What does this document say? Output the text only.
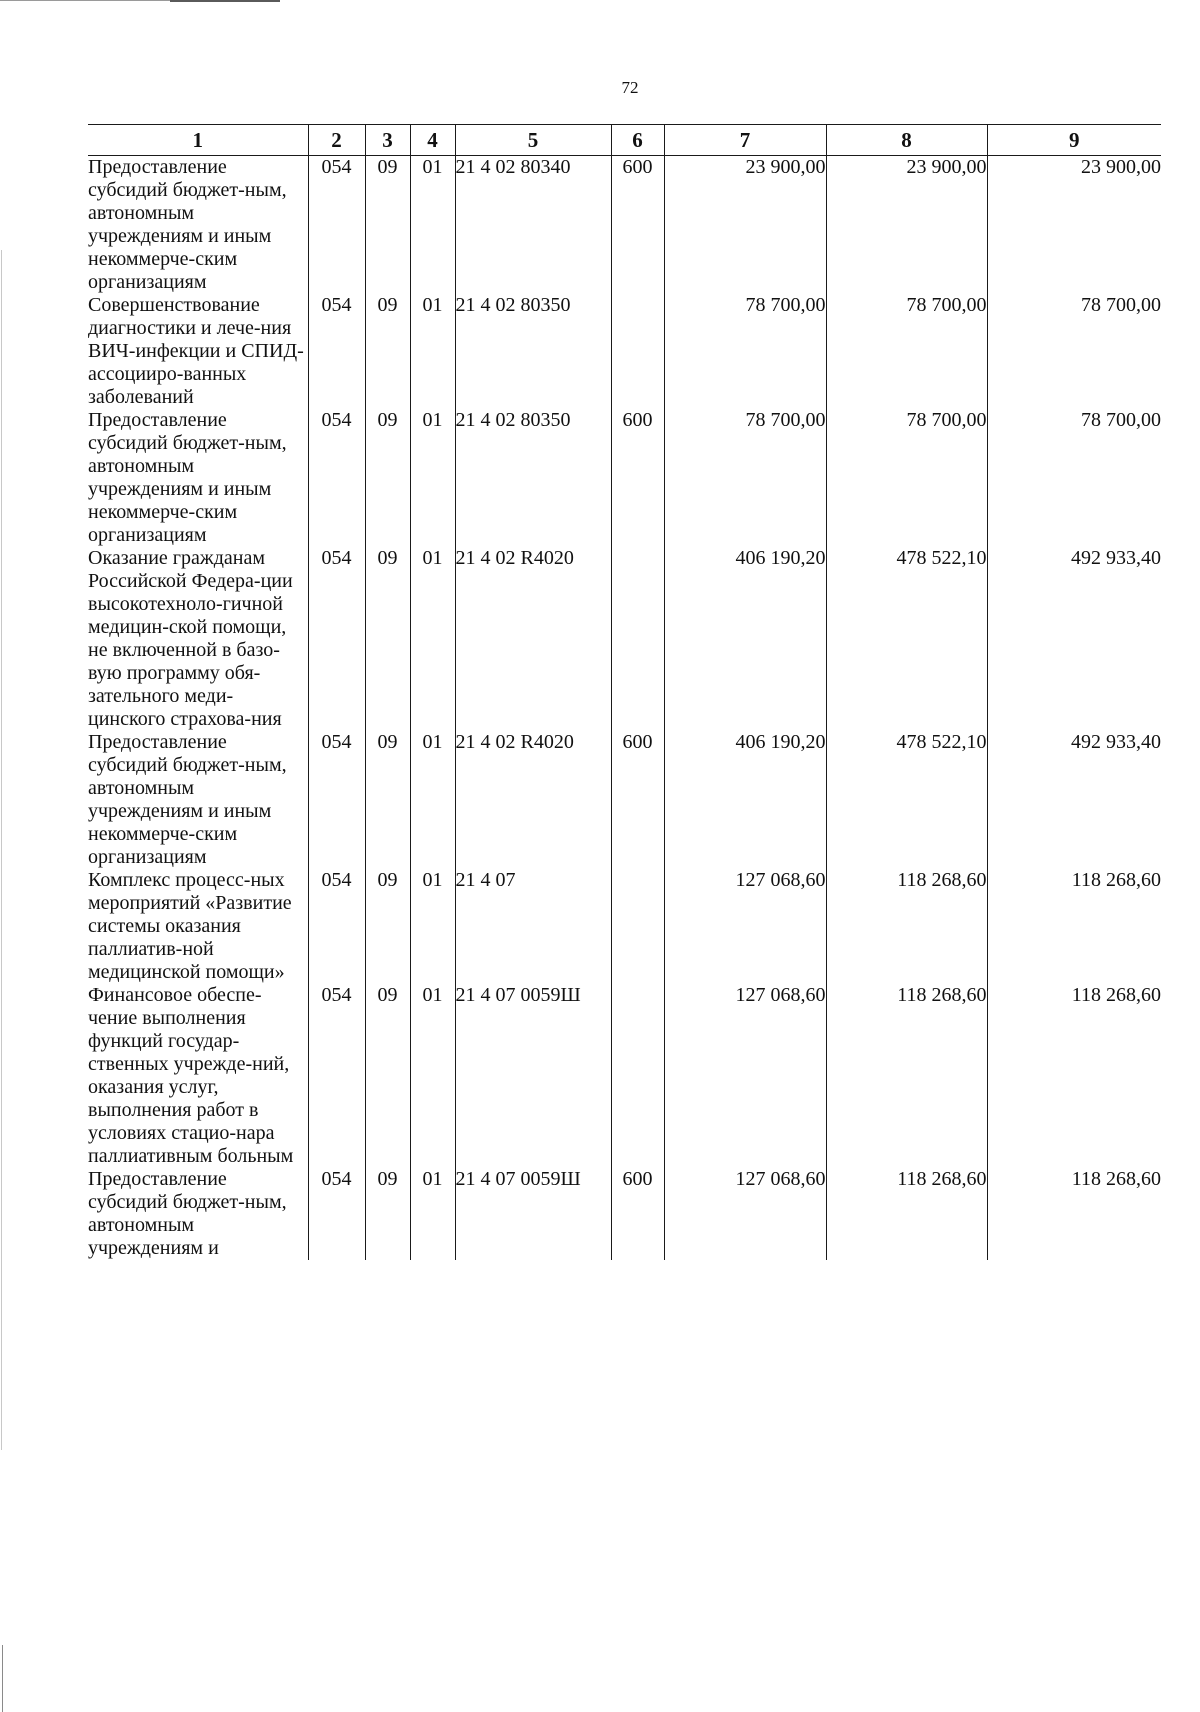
72
1	2	3	4	5	6	7	8	9
Предоставление субсидий бюджет-ным, автономным учреждениям и иным некоммерче-ским организациям	054	09	01	21 4 02 80340	600	23 900,00	23 900,00	23 900,00
Совершенствование диагностики и лече-ния ВИЧ-инфекции и СПИД-ассоцииро-ванных заболеваний	054	09	01	21 4 02 80350		78 700,00	78 700,00	78 700,00
Предоставление субсидий бюджет-ным, автономным учреждениям и иным некоммерче-ским организациям	054	09	01	21 4 02 80350	600	78 700,00	78 700,00	78 700,00
Оказание гражданам Российской Федера-ции высокотехноло-гичной медицин-ской помощи, не включенной в базо-вую программу обя-зательного меди-цинского страхова-ния	054	09	01	21 4 02 R4020		406 190,20	478 522,10	492 933,40
Предоставление субсидий бюджет-ным, автономным учреждениям и иным некоммерче-ским организациям	054	09	01	21 4 02 R4020	600	406 190,20	478 522,10	492 933,40
Комплекс процесс-ных мероприятий «Развитие системы оказания паллиатив-ной медицинской помощи»	054	09	01	21 4 07		127 068,60	118 268,60	118 268,60
Финансовое обеспе-чение выполнения функций государ-ственных учрежде-ний, оказания услуг, выполнения работ в условиях стацио-нара паллиативным больным	054	09	01	21 4 07 0059Ш		127 068,60	118 268,60	118 268,60
Предоставление субсидий бюджет-ным, автономным учреждениям и	054	09	01	21 4 07 0059Ш	600	127 068,60	118 268,60	118 268,60
